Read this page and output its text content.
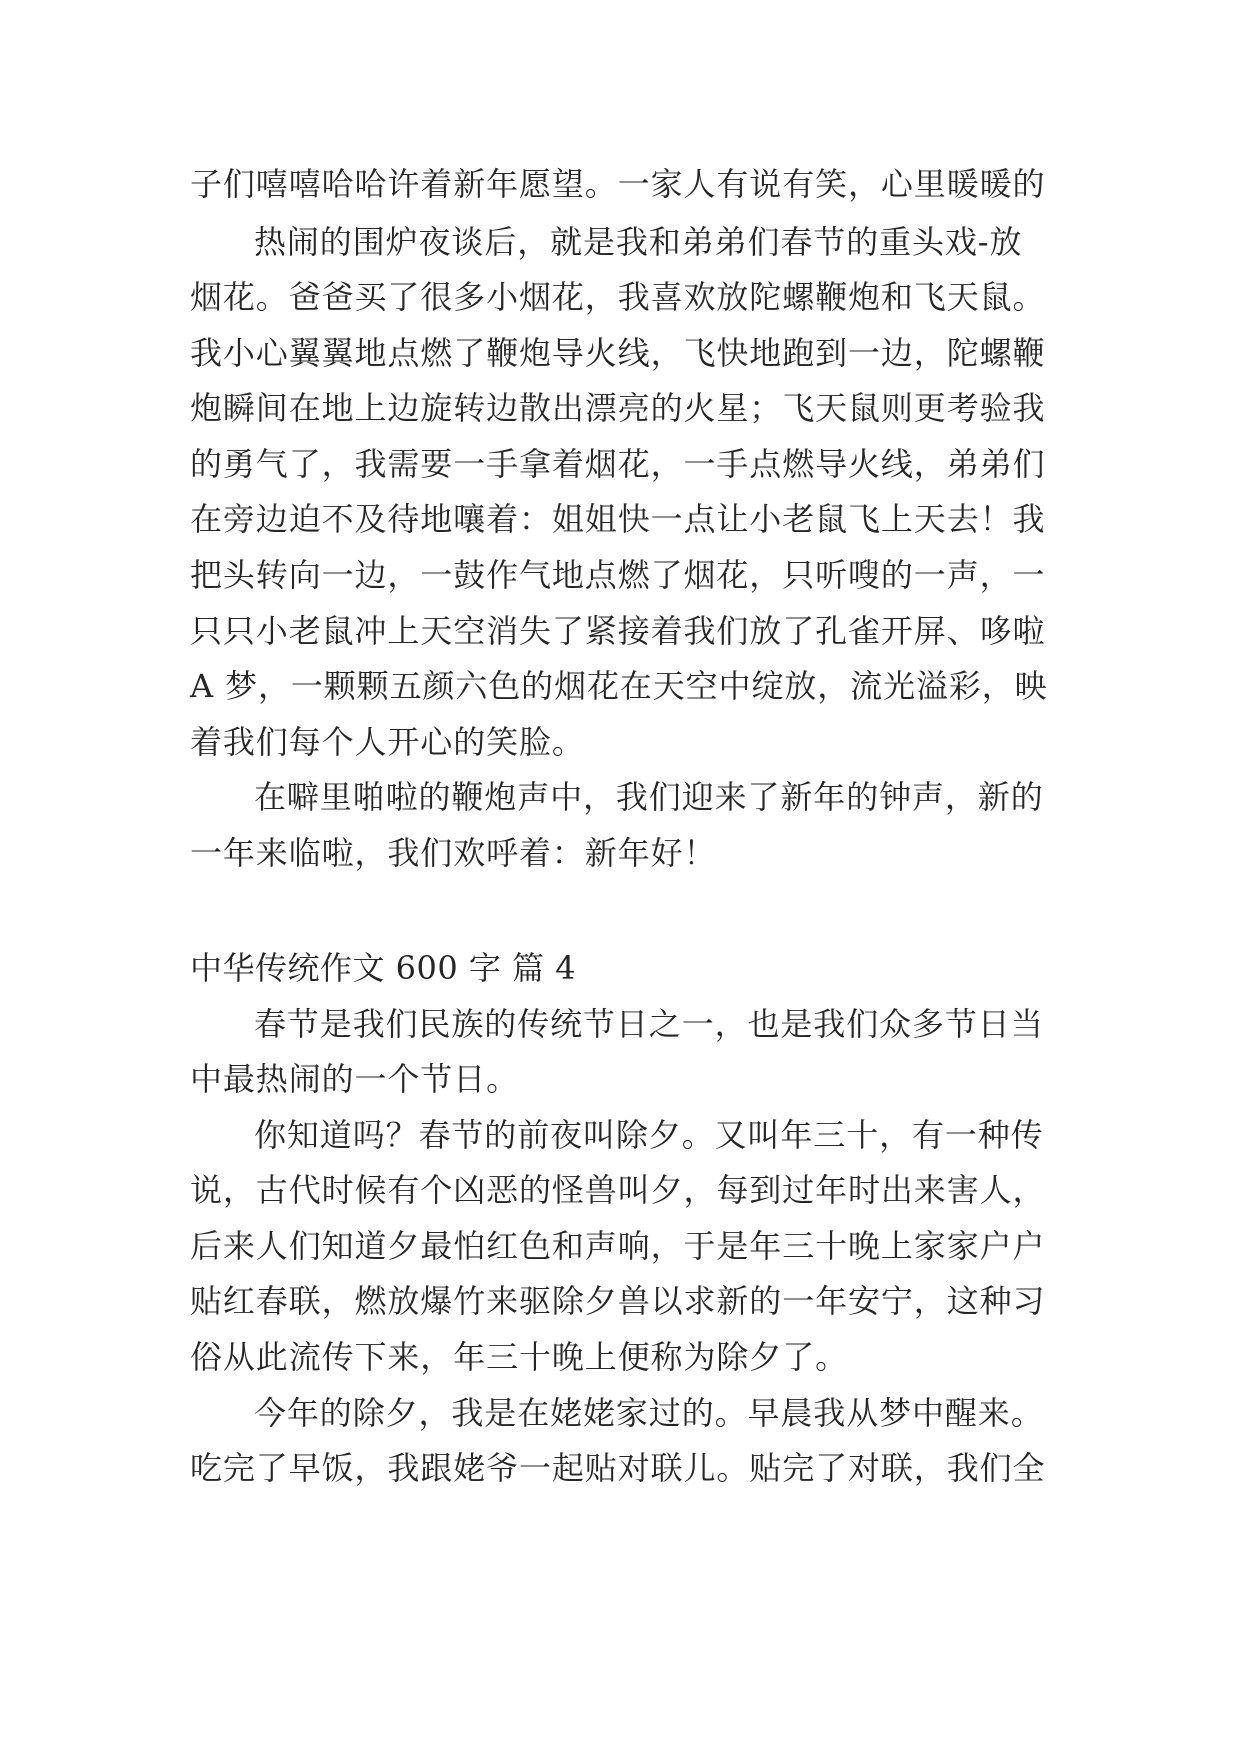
子们嘻嘻哈哈许着新年愿望。一家人有说有笑，心里暖暖的
热闹的围炉夜谈后，就是我和弟弟们春节的重头戏-放
烟花。爸爸买了很多小烟花，我喜欢放陀螺鞭炮和飞天鼠。
我小心翼翼地点燃了鞭炮导火线，飞快地跑到一边，陀螺鞭
炮瞬间在地上边旋转边散出漂亮的火星；飞天鼠则更考验我
的勇气了，我需要一手拿着烟花，一手点燃导火线，弟弟们
在旁边迫不及待地嚷着：姐姐快一点让小老鼠飞上天去！我
把头转向一边，一鼓作气地点燃了烟花，只听嗖的一声，一
只只小老鼠冲上天空消失了紧接着我们放了孔雀开屏、哆啦
A 梦，一颗颗五颜六色的烟花在天空中绽放，流光溢彩，映
着我们每个人开心的笑脸。
在噼里啪啦的鞭炮声中，我们迎来了新年的钟声，新的
一年来临啦，我们欢呼着：新年好！
中华传统作文 600 字 篇 4
春节是我们民族的传统节日之一，也是我们众多节日当
中最热闹的一个节日。
你知道吗？春节的前夜叫除夕。又叫年三十，有一种传
说，古代时候有个凶恶的怪兽叫夕，每到过年时出来害人，
后来人们知道夕最怕红色和声响，于是年三十晚上家家户户
贴红春联，燃放爆竹来驱除夕兽以求新的一年安宁，这种习
俗从此流传下来，年三十晚上便称为除夕了。
今年的除夕，我是在姥姥家过的。早晨我从梦中醒来。
吃完了早饭，我跟姥爷一起贴对联儿。贴完了对联，我们全
